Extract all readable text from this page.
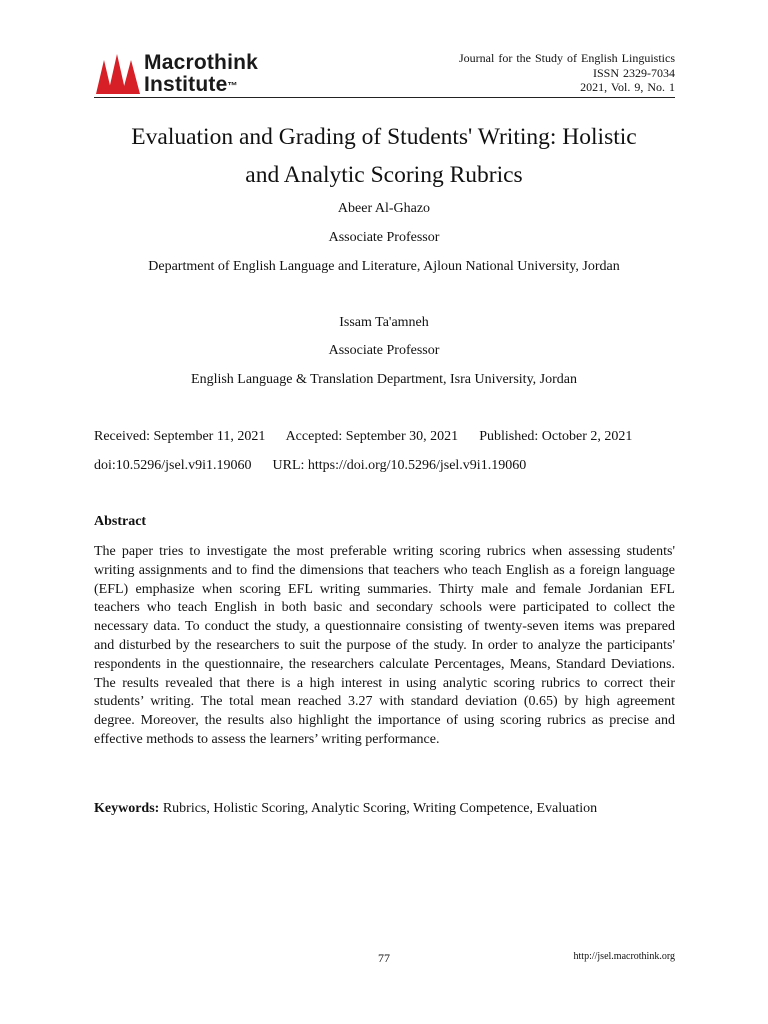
Macrothink
Institute™
Journal for the Study of English Linguistics
ISSN 2329-7034
2021, Vol. 9, No. 1
Evaluation and Grading of Students' Writing: Holistic
and Analytic Scoring Rubrics
Abeer Al-Ghazo
Associate Professor
Department of English Language and Literature, Ajloun National University, Jordan
Issam Ta'amneh
Associate Professor
English Language & Translation Department, Isra University, Jordan
Received: September 11, 2021 Accepted: September 30, 2021 Published: October 2, 2021
doi:10.5296/jsel.v9i1.19060 URL: https://doi.org/10.5296/jsel.v9i1.19060
Abstract
The paper tries to investigate the most preferable writing scoring rubrics when assessing students' writing assignments and to find the dimensions that teachers who teach English as a foreign language (EFL) emphasize when scoring EFL writing summaries. Thirty male and female Jordanian EFL teachers who teach English in both basic and secondary schools were participated to collect the necessary data. To conduct the study, a questionnaire consisting of twenty-seven items was prepared and disturbed by the researchers to suit the purpose of the study. In order to analyze the participants' respondents in the questionnaire, the researchers calculate Percentages, Means, Standard Deviations. The results revealed that there is a high interest in using analytic scoring rubrics to correct their students’ writing. The total mean reached 3.27 with standard deviation (0.65) by high agreement degree. Moreover, the results also highlight the importance of using scoring rubrics as precise and effective methods to assess the learners’ writing performance.
Keywords: Rubrics, Holistic Scoring, Analytic Scoring, Writing Competence, Evaluation
77	http://jsel.macrothink.org
